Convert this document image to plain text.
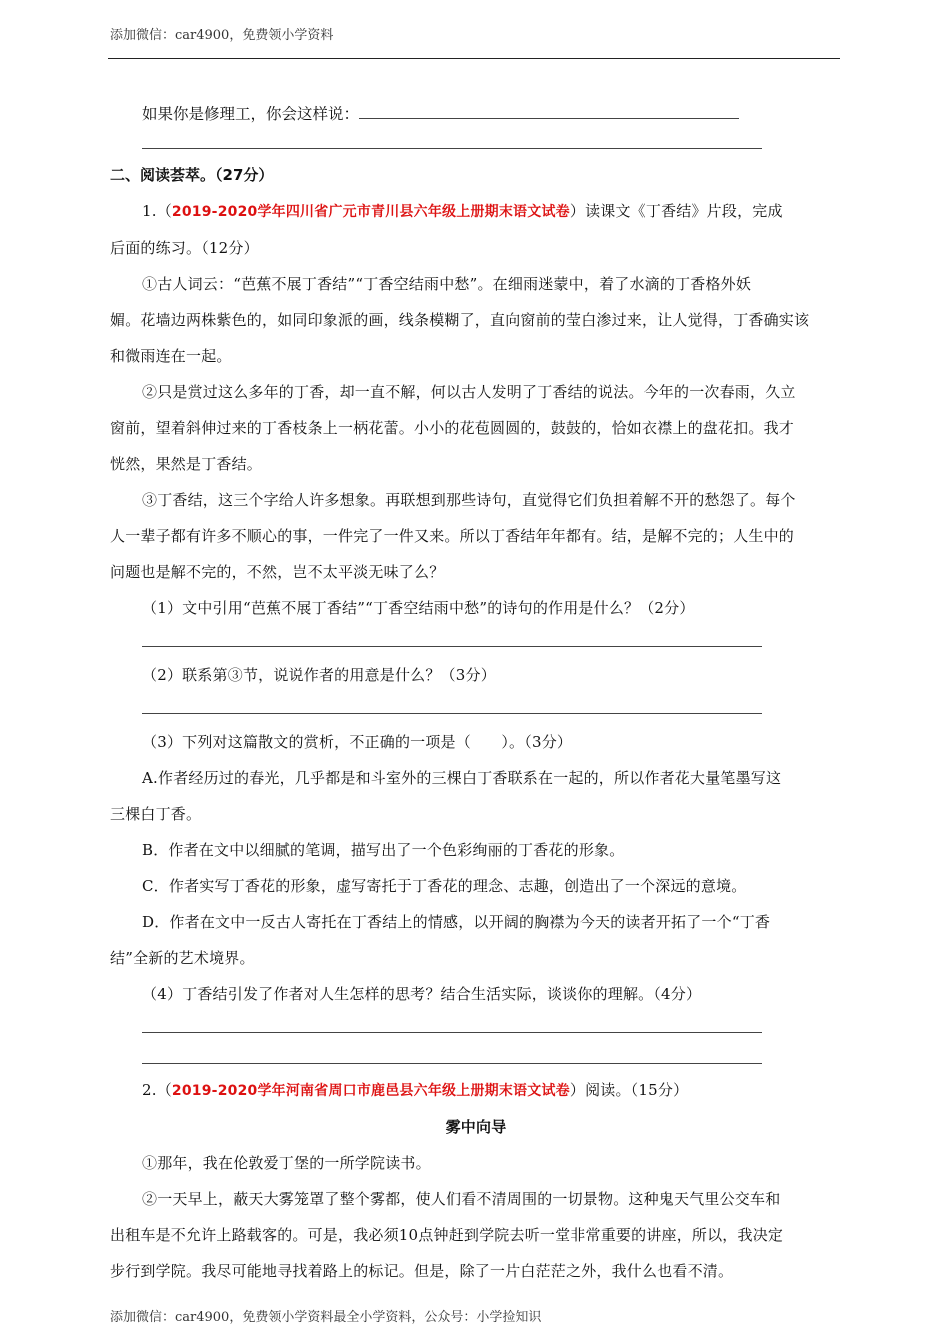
添加微信：car4900，免费领小学资料
如果你是修理工，你会这样说：
二、阅读荟萃。（27分）
1.（2019-2020学年四川省广元市青川县六年级上册期末语文试卷）读课文《丁香结》片段，完成
后面的练习。（12分）
①古人词云：“芭蕉不展丁香结”“丁香空结雨中愁”。在细雨迷蒙中，着了水滴的丁香格外妖
媚。花墙边两株紫色的，如同印象派的画，线条模糊了，直向窗前的莹白渗过来，让人觉得，丁香确实该
和微雨连在一起。
②只是赏过这么多年的丁香，却一直不解，何以古人发明了丁香结的说法。今年的一次春雨，久立
窗前，望着斜伸过来的丁香枝条上一柄花蕾。小小的花苞圆圆的，鼓鼓的，恰如衣襟上的盘花扣。我才
恍然，果然是丁香结。
③丁香结，这三个字给人许多想象。再联想到那些诗句，直觉得它们负担着解不开的愁怨了。每个
人一辈子都有许多不顺心的事，一件完了一件又来。所以丁香结年年都有。结，是解不完的；人生中的
问题也是解不完的，不然，岂不太平淡无味了么？
（1）文中引用“芭蕉不展丁香结”“丁香空结雨中愁”的诗句的作用是什么？（2分）
（2）联系第③节，说说作者的用意是什么？（3分）
（3）下列对这篇散文的赏析，不正确的一项是（　　）。（3分）
A.作者经历过的春光，几乎都是和斗室外的三棵白丁香联系在一起的，所以作者花大量笔墨写这
三棵白丁香。
B．作者在文中以细腻的笔调，描写出了一个色彩绚丽的丁香花的形象。
C．作者实写丁香花的形象，虚写寄托于丁香花的理念、志趣，创造出了一个深远的意境。
D．作者在文中一反古人寄托在丁香结上的情感，以开阔的胸襟为今天的读者开拓了一个“丁香
结”全新的艺术境界。
（4）丁香结引发了作者对人生怎样的思考？结合生活实际，谈谈你的理解。（4分）
2.（2019-2020学年河南省周口市鹿邑县六年级上册期末语文试卷）阅读。（15分）
雾中向导
①那年，我在伦敦爱丁堡的一所学院读书。
②一天早上，蔽天大雾笼罩了整个雾都，使人们看不清周围的一切景物。这种鬼天气里公交车和
出租车是不允许上路载客的。可是，我必须10点钟赶到学院去听一堂非常重要的讲座，所以，我决定
步行到学院。我尽可能地寻找着路上的标记。但是，除了一片白茫茫之外，我什么也看不清。
添加微信：car4900，免费领小学资料最全小学资料，公众号：小学捡知识
